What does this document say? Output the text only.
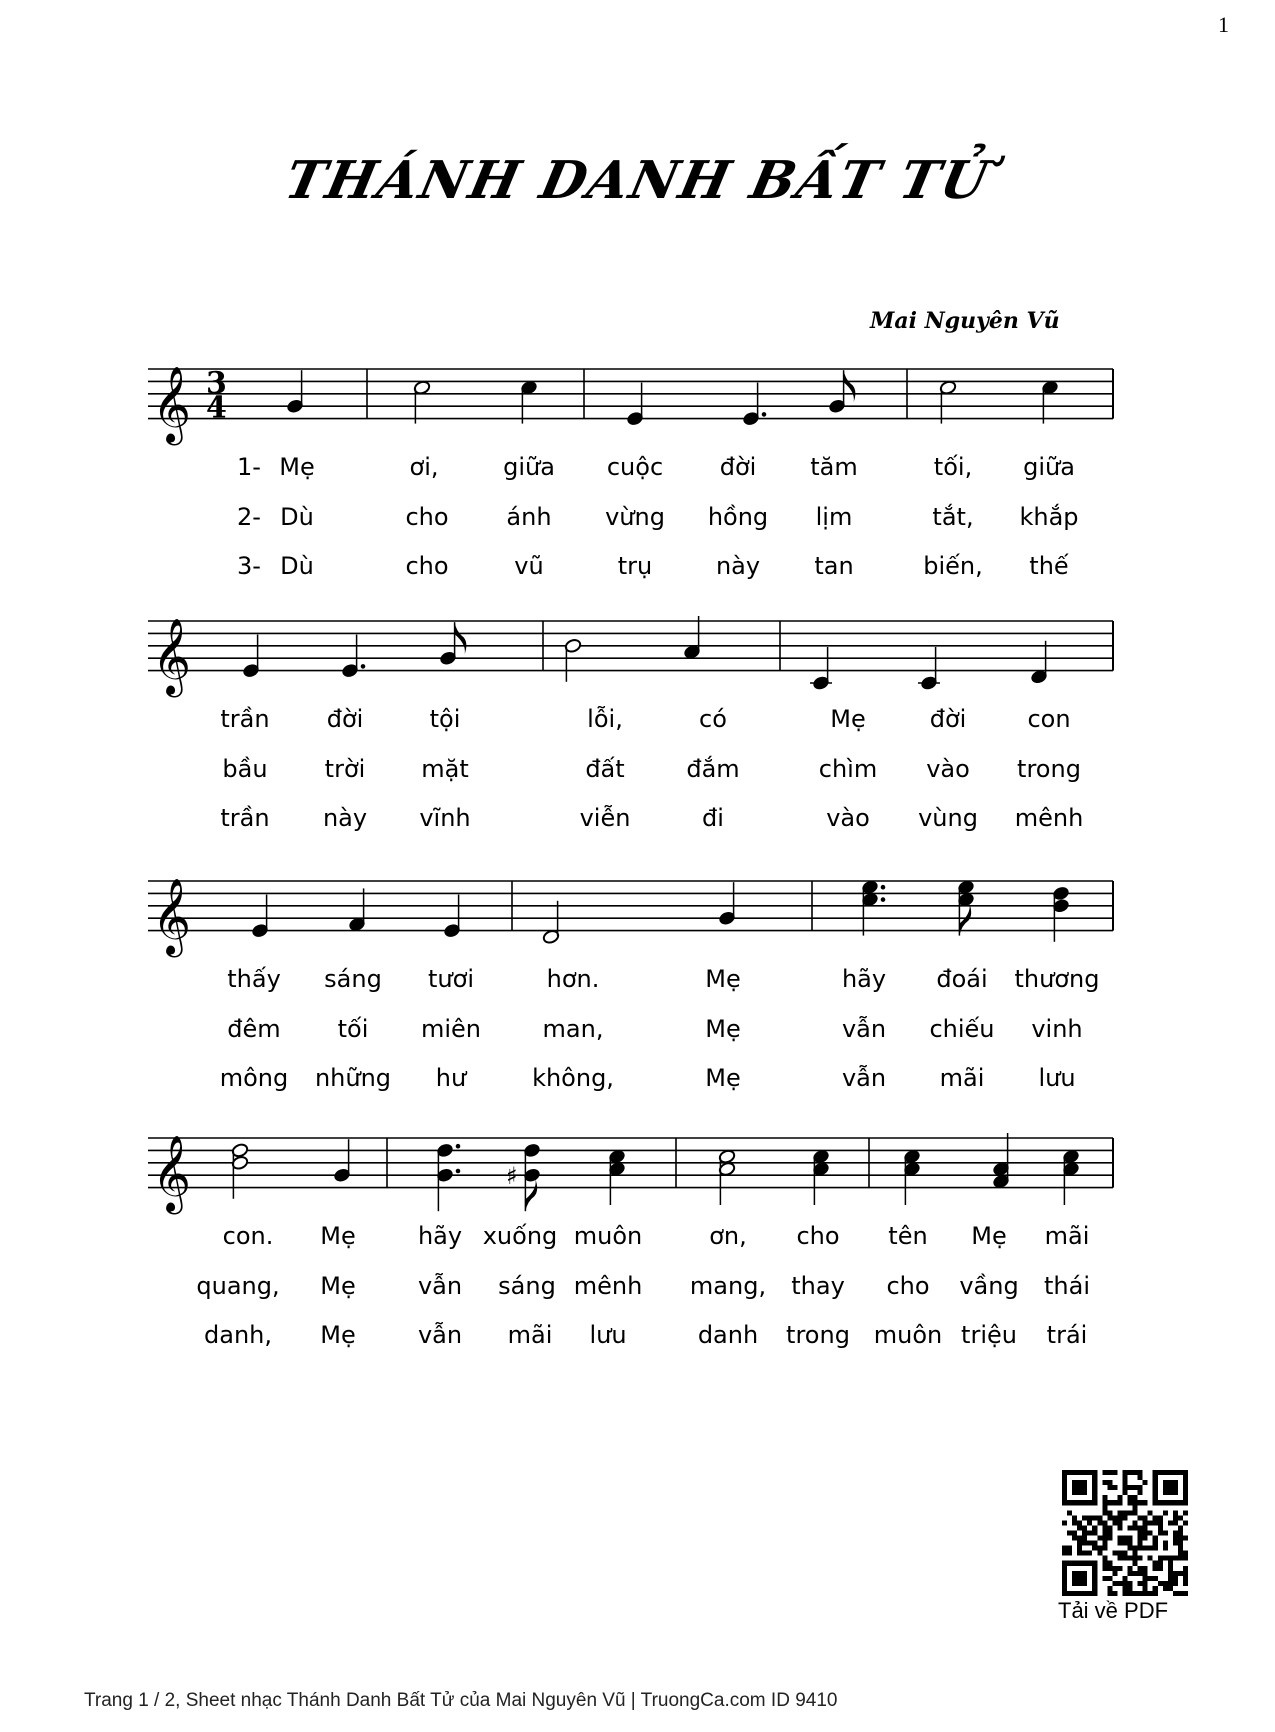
1
THÁNH DANH BẤT TỬ
Mai Nguyên Vũ
𝄞 3
4
𝄞
𝄞
𝄞	♯
1- Mẹ	ơi,	giữa cuộc đời tăm	tối, giữa
2- Dù	cho ánh vừng hồng lịm	tắt, khắp
3- Dù	cho	vũ	trụ	này tan	biến, thế
trần đời	tội	lỗi,	có	Mẹ	đời	con
bầu trời mặt	đất	đắm	chìm vào trong
trần này vĩnh	viễn	đi	vào vùng mênh
thấy sáng tươi	hơn.	Mẹ	hãy đoái thương
đêm tối miên	man,	Mẹ	vẫn chiếu vinh
mông những hư	không,	Mẹ	vẫn mãi lưu
con. Mẹ	hãy xuống muôn	ơn, cho tên Mẹ mãi
quang, Mẹ	vẫn sáng mênh mang, thay cho vầng thái
danh, Mẹ	vẫn mãi lưu	danh trong muôn triệu trái
Tải về PDF
Trang 1 / 2, Sheet nhạc Thánh Danh Bất Tử của Mai Nguyên Vũ | TruongCa.com ID 9410
